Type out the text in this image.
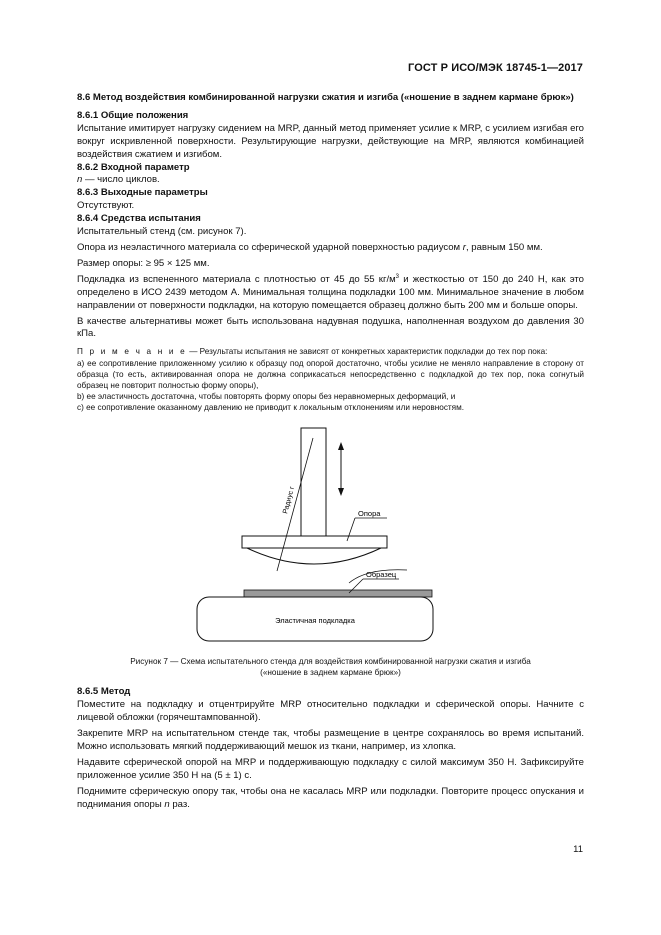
ГОСТ Р ИСО/МЭК 18745-1—2017

8.6 Метод воздействия комбинированной нагрузки сжатия и изгиба («ношение в заднем кармане брюк»)

8.6.1 Общие положения

Испытание имитирует нагрузку сидением на MRP, данный метод применяет усилие к MRP, с усилием изгибая его вокруг искривленной поверхности. Результирующие нагрузки, действующие на MRP, являются комбинацией воздействия сжатием и изгибом.

8.6.2 Входной параметр

n — число циклов.

8.6.3 Выходные параметры

Отсутствуют.

8.6.4 Средства испытания

Испытательный стенд (см. рисунок 7).

Опора из неэластичного материала со сферической ударной поверхностью радиусом r, равным 150 мм.

Размер опоры: ≥ 95 × 125 мм.

Подкладка из вспененного материала с плотностью от 45 до 55 $кг/м^3$ и жесткостью от 150 до 240 Н, как это определено в ИСО 2439 методом А. Минимальная толщина подкладки 100 мм. Минимальное значение в любом направлении от поверхности подкладки, на которую помещается образец должно быть 200 мм и больше опоры.

В качестве альтернативы может быть использована надувная подушка, наполненная воздухом до давления 30 кПа.

П р и м е ч а н и е — Результаты испытания не зависят от конкретных характеристик подкладки до тех пор пока:

a) ее сопротивление приложенному усилию к образцу под опорой достаточно, чтобы усилие не меняло направление в сторону от образца (то есть, активированная опора не должна соприкасаться непосредственно с подкладкой до тех пор, пока согнутый образец не повторит полностью форму опоры),

b) ее эластичность достаточна, чтобы повторять форму опоры без неравномерных деформаций, и

c) ее сопротивление оказанному давлению не приводит к локальным отклонениям или неровностям.

Радиус r	Опора
Образец
Эластичная подкладка
Рисунок 7 — Схема испытательного стенда для воздействия комбинированной нагрузки сжатия и изгиба
(«ношение в заднем кармане брюк»)

8.6.5 Метод

Поместите на подкладку и отцентрируйте MRP относительно подкладки и сферической опоры. Начните с лицевой обложки (горячештампованной).

Закрепите MRP на испытательном стенде так, чтобы размещение в центре сохранялось во время испытаний. Можно использовать мягкий поддерживающий мешок из ткани, например, из хлопка.

Надавите сферической опорой на MRP и поддерживающую подкладку с силой максимум 350 Н. Зафиксируйте приложенное усилие 350 Н на (5 ± 1) с.

Поднимите сферическую опору так, чтобы она не касалась MRP или подкладки. Повторите процесс опускания и поднимания опоры n раз.

11
